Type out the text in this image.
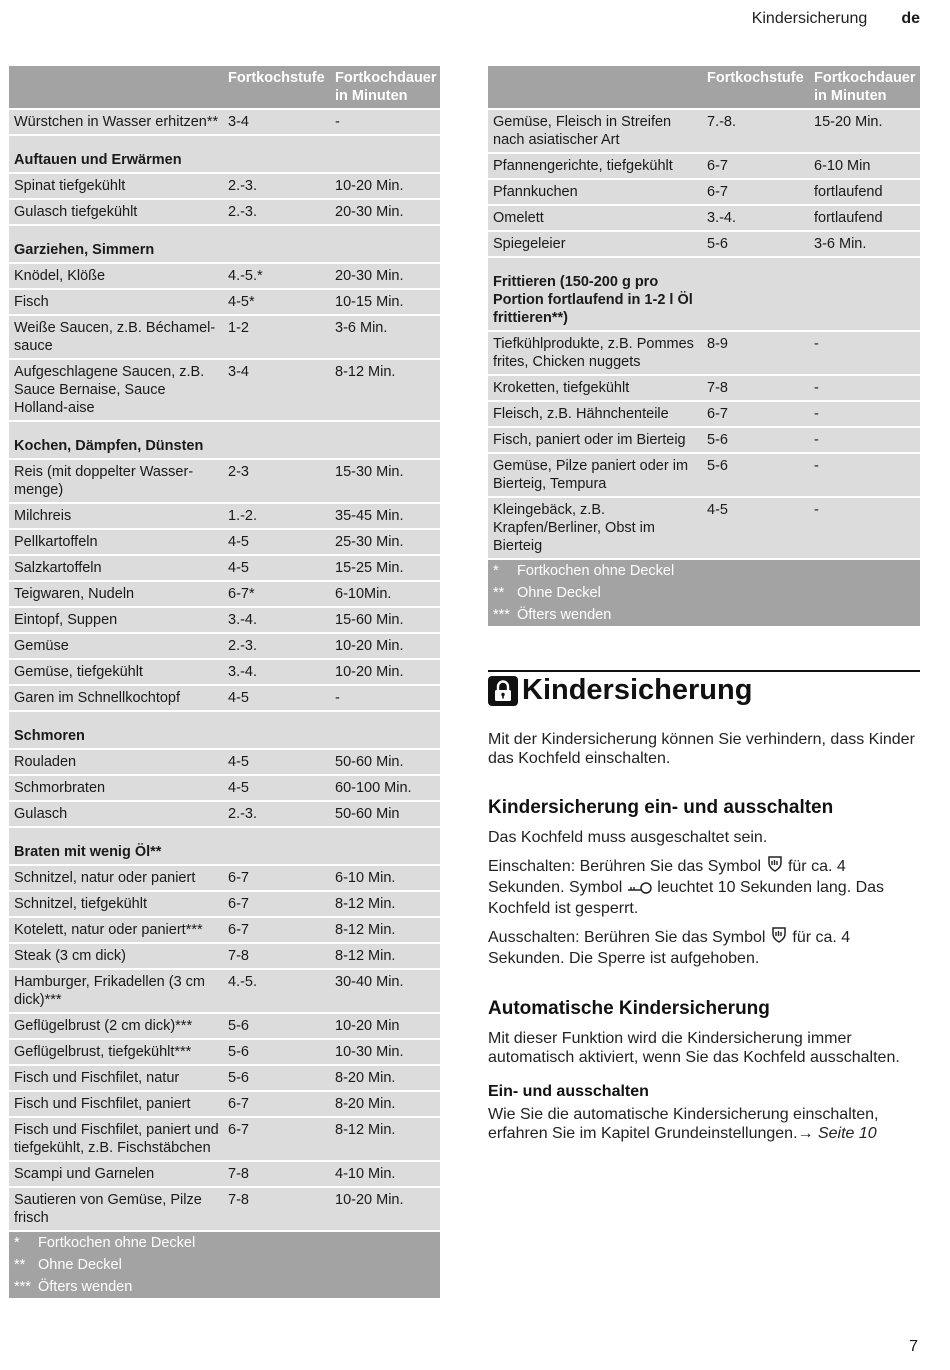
Kindersicherung de
	Fortkochstufe	Fortkochdauer in Minuten
Würstchen in Wasser erhitzen**	3-4	-
Auftauen und Erwärmen		
Spinat tiefgekühlt	2.-3.	10-20 Min.
Gulasch tiefgekühlt	2.-3.	20-30 Min.
Garziehen, Simmern		
Knödel, Klöße	4.-5.*	20-30 Min.
Fisch	4-5*	10-15 Min.
Weiße Saucen, z.B. Béchamel-sauce	1-2	3-6 Min.
Aufgeschlagene Saucen, z.B. Sauce Bernaise, Sauce Holland-aise	3-4	8-12 Min.
Kochen, Dämpfen, Dünsten		
Reis (mit doppelter Wasser-menge)	2-3	15-30 Min.
Milchreis	1.-2.	35-45 Min.
Pellkartoffeln	4-5	25-30 Min.
Salzkartoffeln	4-5	15-25 Min.
Teigwaren, Nudeln	6-7*	6-10Min.
Eintopf, Suppen	3.-4.	15-60 Min.
Gemüse	2.-3.	10-20 Min.
Gemüse, tiefgekühlt	3.-4.	10-20 Min.
Garen im Schnellkochtopf	4-5	-
Schmoren		
Rouladen	4-5	50-60 Min.
Schmorbraten	4-5	60-100 Min.
Gulasch	2.-3.	50-60 Min
Braten mit wenig Öl**		
Schnitzel, natur oder paniert	6-7	6-10 Min.
Schnitzel, tiefgekühlt	6-7	8-12 Min.
Kotelett, natur oder paniert***	6-7	8-12 Min.
Steak (3 cm dick)	7-8	8-12 Min.
Hamburger, Frikadellen (3 cm dick)***	4.-5.	30-40 Min.
Geflügelbrust (2 cm dick)***	5-6	10-20 Min
Geflügelbrust, tiefgekühlt***	5-6	10-30 Min.
Fisch und Fischfilet, natur	5-6	8-20 Min.
Fisch und Fischfilet, paniert	6-7	8-20 Min.
Fisch und Fischfilet, paniert und tiefgekühlt, z.B. Fischstäbchen	6-7	8-12 Min.
Scampi und Garnelen	7-8	4-10 Min.
Sautieren von Gemüse, Pilze frisch	7-8	10-20 Min.
* Fortkochen ohne Deckel		
** Ohne Deckel		
*** Öfters wenden		
	Fortkochstufe	Fortkochdauer in Minuten
Gemüse, Fleisch in Streifen nach asiatischer Art	7.-8.	15-20 Min.
Pfannengerichte, tiefgekühlt	6-7	6-10 Min
Pfannkuchen	6-7	fortlaufend
Omelett	3.-4.	fortlaufend
Spiegeleier	5-6	3-6 Min.
Frittieren (150-200 g pro Portion fortlaufend in 1-2 l Öl frittieren**)		
Tiefkühlprodukte, z.B. Pommes frites, Chicken nuggets	8-9	-
Kroketten, tiefgekühlt	7-8	-
Fleisch, z.B. Hähnchenteile	6-7	-
Fisch, paniert oder im Bierteig	5-6	-
Gemüse, Pilze paniert oder im Bierteig, Tempura	5-6	-
Kleingebäck, z.B. Krapfen/Berliner, Obst im Bierteig	4-5	-
* Fortkochen ohne Deckel		
** Ohne Deckel		
*** Öfters wenden		
Kindersicherung

Mit der Kindersicherung können Sie verhindern, dass Kinder das Kochfeld einschalten.

Kindersicherung ein- und ausschalten

Das Kochfeld muss ausgeschaltet sein.

Einschalten: Berühren Sie das Symbol für ca. 4 Sekunden. Symbol leuchtet 10 Sekunden lang. Das Kochfeld ist gesperrt.

Ausschalten: Berühren Sie das Symbol für ca. 4 Sekunden. Die Sperre ist aufgehoben.

Automatische Kindersicherung

Mit dieser Funktion wird die Kindersicherung immer automatisch aktiviert, wenn Sie das Kochfeld ausschalten.

Ein- und ausschalten

Wie Sie die automatische Kindersicherung einschalten, erfahren Sie im Kapitel Grundeinstellungen.→ Seite 10

7
